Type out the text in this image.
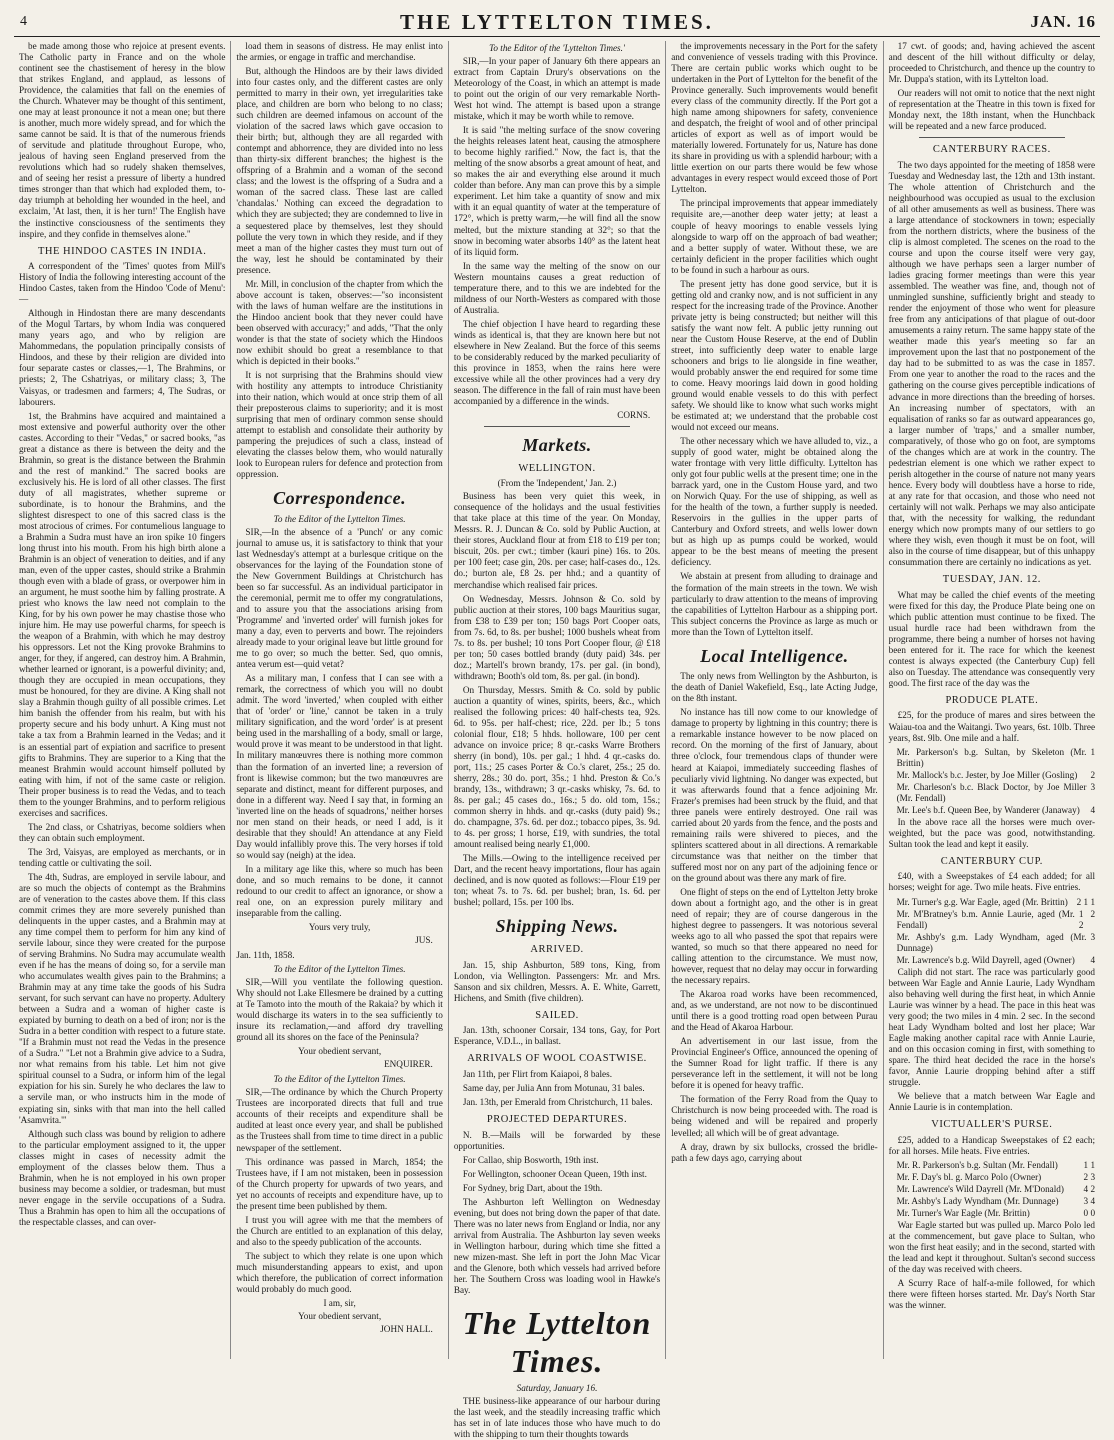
4	THE LYTTELTON TIMES.	JAN. 16

be made among those who rejoice at present events. The Catholic party in France and on the whole continent see the chastisement of heresy in the blow that strikes England, and applaud, as lessons of Providence, the calamities that fall on the enemies of the Church. Whatever may be thought of this sentiment, one may at least pronounce it not a mean one; but there is another, much more widely spread, and for which the same cannot be said. It is that of the numerous friends of servitude and platitude throughout Europe, who, jealous of having seen England preserved from the revolutions which had so rudely shaken themselves, and of seeing her resist a pressure of liberty a hundred times stronger than that which had exploded them, to-day triumph at beholding her wounded in the heel, and exclaim, 'At last, then, it is her turn!' The English have the instinctive consciousness of the sentiments they inspire, and they confide in themselves alone."

THE HINDOO CASTES IN INDIA.

A correspondent of the 'Times' quotes from Mill's History of India the following interesting account of the Hindoo Castes, taken from the Hindoo 'Code of Menu':—

Although in Hindostan there are many descendants of the Mogul Tartars, by whom India was conquered many years ago, and who by religion are Mahommedans, the population principally consists of Hindoos, and these by their religion are divided into four separate castes or classes,—1, The Brahmins, or priests; 2, The Cshatriyas, or military class; 3, The Vaisyas, or tradesmen and farmers; 4, The Sudras, or labourers.

1st, the Brahmins have acquired and maintained a most extensive and powerful authority over the other castes. According to their "Vedas," or sacred books, "as great a distance as there is between the deity and the Brahmin, so great is the distance between the Brahmin and the rest of mankind." The sacred books are exclusively his. He is lord of all other classes. The first duty of all magistrates, whether supreme or subordinate, is to honour the Brahmins, and the slightest disrespect to one of this sacred class is the most atrocious of crimes. For contumelious language to a Brahmin a Sudra must have an iron spike 10 fingers long thrust into his mouth. From his high birth alone a Brahmin is an object of veneration to deities, and if any man, even of the upper castes, should strike a Brahmin though even with a blade of grass, or overpower him in an argument, he must soothe him by falling prostrate. A priest who knows the law need not complain to the King, for by his own power he may chastise those who injure him. He may use powerful charms, for speech is the weapon of a Brahmin, with which he may destroy his oppressors. Let not the King provoke Brahmins to anger, for they, if angered, can destroy him. A Brahmin, whether learned or ignorant, is a powerful divinity; and, though they are occupied in mean occupations, they must be honoured, for they are divine. A King shall not slay a Brahmin though guilty of all possible crimes. Let him banish the offender from his realm, but with his property secure and his body unhurt. A King must not take a tax from a Brahmin learned in the Vedas; and it is an essential part of expiation and sacrifice to present gifts to Brahmins. They are superior to a King that the meanest Brahmin would account himself polluted by eating with him, if not of the same caste or religion. Their proper business is to read the Vedas, and to teach them to the younger Brahmins, and to perform religious exercises and sacrifices.

The 2nd class, or Cshatriyas, become soldiers when they can obtain such employment.

The 3rd, Vaisyas, are employed as merchants, or in tending cattle or cultivating the soil.

The 4th, Sudras, are employed in servile labour, and are so much the objects of contempt as the Brahmins are of veneration to the castes above them. If this class commit crimes they are more severely punished than delinquents in the upper castes, and a Brahmin may at any time compel them to perform for him any kind of servile labour, since they were created for the purpose of serving Brahmins. No Sudra may accumulate wealth even if he has the means of doing so, for a servile man who accumulates wealth gives pain to the Brahmins; a Brahmin may at any time take the goods of his Sudra servant, for such servant can have no property. Adultery between a Sudra and a woman of higher caste is expiated by burning to death on a bed of iron; nor is the Sudra in a better condition with respect to a future state. "If a Brahmin must not read the Vedas in the presence of a Sudra." "Let not a Brahmin give advice to a Sudra, nor what remains from his table. Let him not give spiritual counsel to a Sudra, or inform him of the legal expiation for his sin. Surely he who declares the law to a servile man, or who instructs him in the mode of expiating sin, sinks with that man into the hell called 'Asamvrita.'"

Although such class was bound by religion to adhere to the particular employment assigned to it, the upper classes might in cases of necessity admit the employment of the classes below them. Thus a Brahmin, when he is not employed in his own proper business may become a soldier, or tradesman, but must never engage in the servile occupations of a Sudra. Thus a Brahmin has open to him all the occupations of the respectable classes, and can over-

load them in seasons of distress. He may enlist into the armies, or engage in traffic and merchandise.

But, although the Hindoos are by their laws divided into four castes only, and the different castes are only permitted to marry in their own, yet irregularities take place, and children are born who belong to no class; such children are deemed infamous on account of the violation of the sacred laws which gave occasion to their birth; but, although they are all regarded with contempt and abhorrence, they are divided into no less than thirty-six different branches; the highest is the offspring of a Brahmin and a woman of the second class; and the lowest is the offspring of a Sudra and a woman of the sacred class. These last are called 'chandalas.' Nothing can exceed the degradation to which they are subjected; they are condemned to live in a sequestered place by themselves, lest they should pollute the very town in which they reside, and if they meet a man of the higher castes they must turn out of the way, lest he should be contaminated by their presence.

Mr. Mill, in conclusion of the chapter from which the above account is taken, observes:—"so inconsistent with the laws of human welfare are the institutions in the Hindoo ancient book that they never could have been observed with accuracy;" and adds, "That the only wonder is that the state of society which the Hindoos now exhibit should bo great a resemblance to that which is depicted in their books."

It is not surprising that the Brahmins should view with hostility any attempts to introduce Christianity into their nation, which would at once strip them of all their preposterous claims to superiority; and it is most surprising that men of ordinary common sense should attempt to establish and consolidate their authority by pampering the prejudices of such a class, instead of elevating the classes below them, who would naturally look to European rulers for defence and protection from oppression.

Correspondence.
To the Editor of the Lyttelton Times.

SIR,—In the absence of a 'Punch' or any comic journal to amuse us, it is satisfactory to think that your last Wednesday's attempt at a burlesque critique on the observances for the laying of the Foundation stone of the New Government Buildings at Christchurch has been so far successful. As an individual participator in the ceremonial, permit me to offer my congratulations, and to assure you that the associations arising from 'Programme' and 'inverted order' will furnish jokes for many a day, even to perverts and bowr. The rejoinders already made to your original leave but little ground for me to go over; so much the better. Sed, quo omnis, antea verum est—quid vetat?

As a military man, I confess that I can see with a remark, the correctness of which you will no doubt admit. The word 'inverted,' when coupled with either that of 'order' or 'line,' cannot be taken in a truly military signification, and the word 'order' is at present being used in the marshalling of a body, small or large, would prove it was meant to be understood in that light. In military manœuvres there is nothing more common than the formation of an inverted line; a reversion of front is likewise common; but the two manœuvres are separate and distinct, meant for different purposes, and done in a different way. Need I say that, in forming an 'inverted line on the heads of squadrons,' neither horses nor men stand on their heads, or need I add, is it desirable that they should! An attendance at any Field Day would infallibly prove this. The very horses if told so would say (neigh) at the idea.

In a military age like this, where so much has been done, and so much remains to be done, it cannot redound to our credit to affect an ignorance, or show a real one, on an expression purely military and inseparable from the calling.

Yours very truly,
JUS.
Jan. 11th, 1858.
To the Editor of the Lyttelton Times.

SIR,—Will you ventilate the following question. Why should not Lake Ellesmere be drained by a cutting at Te Tamoto into the mouth of the Rakaia? by which it would discharge its waters in to the sea sufficiently to insure its reclamation,—and afford dry travelling ground all its shores on the face of the Peninsula?

Your obedient servant,
ENQUIRER.
To the Editor of the Lyttelton Times.

SIR,—The ordinance by which the Church Property Trustees are incorporated directs that full and true accounts of their receipts and expenditure shall be audited at least once every year, and shall be published as the Trustees shall from time to time direct in a public newspaper of the settlement.

This ordinance was passed in March, 1854; the Trustees have, if I am not mistaken, been in possession of the Church property for upwards of two years, and yet no accounts of receipts and expenditure have, up to the present time been published by them.

I trust you will agree with me that the members of the Church are entitled to an explanation of this delay, and also to the speedy publication of the accounts.

The subject to which they relate is one upon which much misunderstanding appears to exist, and upon which therefore, the publication of correct information would probably do much good.

I am, sir,
Your obedient servant,
JOHN HALL.
To the Editor of the 'Lyttelton Times.'

SIR,—In your paper of January 6th there appears an extract from Captain Drury's observations on the Meteorology of the Coast, in which an attempt is made to point out the origin of our very remarkable North-West hot wind. The attempt is based upon a strange mistake, which it may be worth while to remove.

It is said "the melting surface of the snow covering the heights releases latent heat, causing the atmosphere to become highly rarified." Now, the fact is, that the melting of the snow absorbs a great amount of heat, and so makes the air and everything else around it much colder than before. Any man can prove this by a simple experiment. Let him take a quantity of snow and mix with it an equal quantity of water at the temperature of 172°, which is pretty warm,—he will find all the snow melted, but the mixture standing at 32°; so that the snow in becoming water absorbs 140° as the latent heat of its liquid form.

In the same way the melting of the snow on our Western mountains causes a great reduction of temperature there, and to this we are indebted for the mildness of our North-Westers as compared with those of Australia.

The chief objection I have heard to regarding these winds as identical is, that they are known here but not elsewhere in New Zealand. But the force of this seems to be considerably reduced by the marked peculiarity of this province in 1853, when the rains here were excessive while all the other provinces had a very dry season. The difference in the fall of rain must have been accompanied by a difference in the winds.

CORNS.
Markets.
WELLINGTON.
(From the 'Independent,' Jan. 2.)

Business has been very quiet this week, in consequence of the holidays and the usual festivities that take place at this time of the year. On Monday, Messrs. R. J. Duncan & Co. sold by Public Auction, at their stores, Auckland flour at from £18 to £19 per ton; biscuit, 20s. per cwt.; timber (kauri pine) 16s. to 20s. per 100 feet; case gin, 20s. per case; half-cases do., 12s. do.; burton ale, £8 2s. per hhd.; and a quantity of merchandise which realised fair prices.

On Wednesday, Messrs. Johnson & Co. sold by public auction at their stores, 100 bags Mauritius sugar, from £38 to £39 per ton; 150 bags Port Cooper oats, from 7s. 6d, to 8s. per bushel; 1000 bushels wheat from 7s. to 8s. per bushel; 10 tons Port Cooper flour, @ £18 per ton; 50 cases bottled brandy (duty paid) 34s. per doz.; Martell's brown brandy, 17s. per gal. (in bond), withdrawn; Booth's old tom, 8s. per gal. (in bond).

On Thursday, Messrs. Smith & Co. sold by public auction a quantity of wines, spirits, beers, &c., which realised the following prices: 40 half-chests tea, 92s. 6d. to 95s. per half-chest; rice, 22d. per lb.; 5 tons colonial flour, £18; 5 hhds. holloware, 100 per cent advance on invoice price; 8 qr.-casks Warre Brothers sherry (in bond), 10s. per gal.; 1 hhd. 4 qr.-casks do. port, 11s.; 25 cases Porter & Co.'s claret, 25s.; 25 do. sherry, 28s.; 30 do. port, 35s.; 1 hhd. Preston & Co.'s brandy, 13s., withdrawn; 3 qr.-casks whisky, 7s. 6d. to 8s. per gal.; 45 cases do., 16s.; 5 do. old tom, 15s.; common sherry in hhds. and qr.-casks (duty paid) 9s.; do. champagne, 37s. 6d. per doz.; tobacco pipes, 3s. 9d. to 4s. per gross; 1 horse, £19, with sundries, the total amount realised being nearly £1,000.

The Mills.—Owing to the intelligence received per Dart, and the recent heavy importations, flour has again declined, and is now quoted as follows:—Flour £19 per ton; wheat 7s. to 7s. 6d. per bushel; bran, 1s. 6d. per bushel; pollard, 15s. per 100 lbs.

Shipping News.
ARRIVED.

Jan. 15, ship Ashburton, 589 tons, King, from London, via Wellington. Passengers: Mr. and Mrs. Sanson and six children, Messrs. A. E. White, Garrett, Hichens, and Smith (five children).

SAILED.

Jan. 13th, schooner Corsair, 134 tons, Gay, for Port Esperance, V.D.L., in ballast.

ARRIVALS OF WOOL COASTWISE.

Jan 11th, per Flirt from Kaiapoi, 8 bales.

Same day, per Julia Ann from Motunau, 31 bales.

Jan. 13th, per Emerald from Christchurch, 11 bales.

PROJECTED DEPARTURES.

N. B.—Mails will be forwarded by these opportunities.

For Callao, ship Bosworth, 19th inst.

For Wellington, schooner Ocean Queen, 19th inst.

For Sydney, brig Dart, about the 19th.

The Ashburton left Wellington on Wednesday evening, but does not bring down the paper of that date. There was no later news from England or India, nor any arrival from Australia. The Ashburton lay seven weeks in Wellington harbour, during which time she fitted a new mizen-mast. She left in port the John Mac Vicar and the Glenore, both which vessels had arrived before her. The Southern Cross was loading wool in Hawke's Bay.

The Lyttelton Times.
Saturday, January 16.

THE business-like appearance of our harbour during the last week, and the steadily increasing traffic which has set in of late induces those who have much to do with the shipping to turn their thoughts towards

the improvements necessary in the Port for the safety and convenience of vessels trading with this Province. There are certain public works which ought to be undertaken in the Port of Lyttelton for the benefit of the Province generally. Such improvements would benefit every class of the community directly. If the Port got a high name among shipowners for safety, convenience and despatch, the freight of wool and of other principal articles of export as well as of import would be materially lowered. Fortunately for us, Nature has done its share in providing us with a splendid harbour; with a little exertion on our parts there would be few whose advantages in every respect would exceed those of Port Lyttelton.

The principal improvements that appear immediately requisite are,—another deep water jetty; at least a couple of heavy moorings to enable vessels lying alongside to warp off on the approach of bad weather; and a better supply of water. Without these, we are certainly deficient in the proper facilities which ought to be found in such a harbour as ours.

The present jetty has done good service, but it is getting old and cranky now, and is not sufficient in any respect for the increasing trade of the Province. Another private jetty is being constructed; but neither will this satisfy the want now felt. A public jetty running out near the Custom House Reserve, at the end of Dublin street, into sufficiently deep water to enable large schooners and brigs to lie alongside in fine weather, would probably answer the end required for some time to come. Heavy moorings laid down in good holding ground would enable vessels to do this with perfect safety. We should like to know what such works might be estimated at; we understand that the probable cost would not exceed our means.

The other necessary which we have alluded to, viz., a supply of good water, might be obtained along the water frontage with very little difficulty. Lyttelton has only got four public wells at the present time; one in the barrack yard, one in the Custom House yard, and two on Norwich Quay. For the use of shipping, as well as for the health of the town, a further supply is needed. Reservoirs in the gullies in the upper parts of Canterbury and Oxford streets, and wells lower down but as high up as pumps could be worked, would appear to be the best means of meeting the present deficiency.

We abstain at present from alluding to drainage and the formation of the main streets in the town. We wish particularly to draw attention to the means of improving the capabilities of Lyttelton Harbour as a shipping port. This subject concerns the Province as large as much or more than the Town of Lyttelton itself.

Local Intelligence.

The only news from Wellington by the Ashburton, is the death of Daniel Wakefield, Esq., late Acting Judge, on the 8th instant.

No instance has till now come to our knowledge of damage to property by lightning in this country; there is a remarkable instance however to be now placed on record. On the morning of the first of January, about three o'clock, four tremendous claps of thunder were heard at Kaiapoi, immediately succeeding flashes of peculiarly vivid lightning. No danger was expected, but it was afterwards found that a fence adjoining Mr. Frazer's premises had been struck by the fluid, and that three panels were entirely destroyed. One rail was carried about 20 yards from the fence, and the posts and remaining rails were shivered to pieces, and the splinters scattered about in all directions. A remarkable circumstance was that neither on the timber that suffered most nor on any part of the adjoining fence or on the ground about was there any mark of fire.

One flight of steps on the end of Lyttelton Jetty broke down about a fortnight ago, and the other is in great need of repair; they are of course dangerous in the highest degree to passengers. It was notorious several weeks ago to all who passed the spot that repairs were wanted, so much so that there appeared no need for calling attention to the circumstance. We must now, however, request that no delay may occur in forwarding the necessary repairs.

The Akaroa road works have been recommenced, and, as we understand, are not now to be discontinued until there is a good trotting road open between Purau and the Head of Akaroa Harbour.

An advertisement in our last issue, from the Provincial Engineer's Office, announced the opening of the Sumner Road for light traffic. If there is any perseverance left in the settlement, it will not be long before it is opened for heavy traffic.

The formation of the Ferry Road from the Quay to Christchurch is now being proceeded with. The road is being widened and will be repaired and properly levelled; all which will be of great advantage.

A dray, drawn by six bullocks, crossed the bridle-path a few days ago, carrying about

17 cwt. of goods; and, having achieved the ascent and descent of the hill without difficulty or delay, proceeded to Christchurch, and thence up the country to Mr. Duppa's station, with its Lyttelton load.

Our readers will not omit to notice that the next night of representation at the Theatre in this town is fixed for Monday next, the 18th instant, when the Hunchback will be repeated and a new farce produced.

CANTERBURY RACES.

The two days appointed for the meeting of 1858 were Tuesday and Wednesday last, the 12th and 13th instant. The whole attention of Christchurch and the neighbourhood was occupied as usual to the exclusion of all other amusements as well as business. There was a large attendance of stockowners in town; especially from the northern districts, where the business of the clip is almost completed. The scenes on the road to the course and upon the course itself were very gay, although we have perhaps seen a larger number of ladies gracing former meetings than were this year assembled. The weather was fine, and, though not of unmingled sunshine, sufficiently bright and steady to render the enjoyment of those who went for pleasure free from any anticipations of that plague of out-door amusements a rainy return. The same happy state of the weather made this year's meeting so far an improvement upon the last that no postponement of the day had to be submitted to as was the case in 1857. From one year to another the road to the races and the gathering on the course gives perceptible indications of advance in more directions than the breeding of horses. An increasing number of spectators, with an equalisation of ranks so far as outward appearances go, a larger number of 'traps,' and a smaller number, comparatively, of those who go on foot, are symptoms of the changes which are at work in the country. The pedestrian element is one which we rather expect to perish altogether in the course of nature not many years hence. Every body will doubtless have a horse to ride, at any rate for that occasion, and those who need not certainly will not walk. Perhaps we may also anticipate that, with the necessity for walking, the redundant energy which now prompts many of our settlers to go where they wish, even though it must be on foot, will also in the course of time disappear, but of this unhappy consummation there are certainly no indications as yet.

TUESDAY, JAN. 12.

What may be called the chief events of the meeting were fixed for this day, the Produce Plate being one on which public attention must continue to be fixed. The usual hurdle race had been withdrawn from the programme, there being a number of horses not having been entered for it. The race for which the keenest contest is always expected (the Canterbury Cup) fell also on Tuesday. The attendance was consequently very good. The first race of the day was the

PRODUCE PLATE.

£25, for the produce of mares and sires between the Waiau-toa and the Waitangi. Two years, 6st. 10lb. Three years, 8st. 9lb. One mile and a half.

Mr. Parkerson's b.g. Sultan, by Skeleton (Mr. Brittin)
1
Mr. Mallock's b.c. Jester, by Joe Miller (Gosling) 2
Mr. Charleson's b.c. Black Doctor, by Joe Miller (Mr. Fendall)
3
Mr. Lee's b.f. Queen Bee, by Wanderer (Janaway) 4

In the above race all the horses were much over-weighted, but the pace was good, notwithstanding. Sultan took the lead and kept it easily.

CANTERBURY CUP.

£40, with a Sweepstakes of £4 each added; for all horses; weight for age. Two mile heats. Five entries.

Mr. Turner's g.g. War Eagle, aged (Mr. Brittin) 2 1 1
Mr. M'Bratney's b.m. Annie Laurie, aged (Mr. Fendall)
1 2 2
Mr. Ashby's g.m. Lady Wyndham, aged (Mr. Dunnage)
3
Mr. Lawrence's b.g. Wild Dayrell, aged (Owner) 4

Caliph did not start. The race was particularly good between War Eagle and Annie Laurie, Lady Wyndham also behaving well during the first heat, in which Annie Laurie was winner by a head. The pace in this heat was very good; the two miles in 4 min. 2 sec. In the second heat Lady Wyndham bolted and lost her place; War Eagle making another capital race with Annie Laurie, and on this occasion coming in first, with something to spare. The third heat decided the race in the horse's favor, Annie Laurie dropping behind after a stiff struggle.

We believe that a match between War Eagle and Annie Laurie is in contemplation.

VICTUALLER'S PURSE.

£25, added to a Handicap Sweepstakes of £2 each; for all horses. Mile heats. Five entries.

Mr. R. Parkerson's b.g. Sultan (Mr. Fendall)	1 1
Mr. F. Day's bl. g. Marco Polo (Owner)	2 3
Mr. Lawrence's Wild Dayrell (Mr. M'Donald) 4 2
Mr. Ashby's Lady Wyndham (Mr. Dunnage)	3 4
Mr. Turner's War Eagle (Mr. Brittin)	0 0

War Eagle started but was pulled up. Marco Polo led at the commencement, but gave place to Sultan, who won the first heat easily; and in the second, started with the lead and kept it throughout. Sultan's second success of the day was received with cheers.

A Scurry Race of half-a-mile followed, for which there were fifteen horses started. Mr. Day's North Star was the winner.
